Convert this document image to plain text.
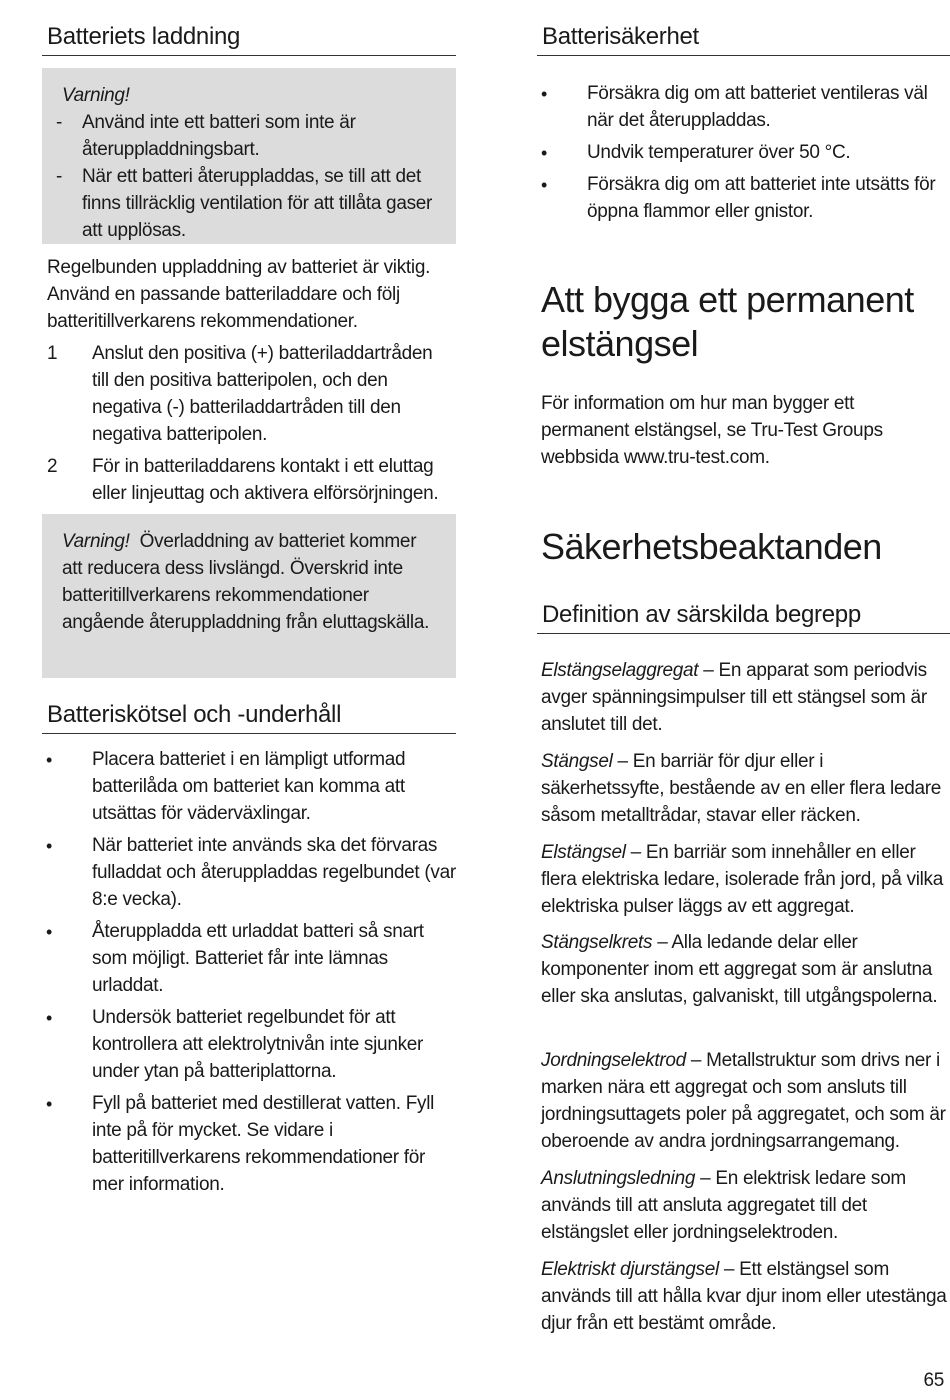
Batteriets laddning
Varning!
- Använd inte ett batteri som inte är återuppladdningsbart.
- När ett batteri återuppladdas, se till att det finns tillräcklig ventilation för att tillåta gaser att upplösas.
Regelbunden uppladdning av batteriet är viktig. Använd en passande batteriladdare och följ batteritillverkarens rekommendationer.
1 Anslut den positiva (+) batteriladdartråden till den positiva batteripolen, och den negativa (-) batteriladdartråden till den negativa batteripolen.
2 För in batteriladdarens kontakt i ett eluttag eller linjeuttag och aktivera elförsörjningen.
Varning! Överladdning av batteriet kommer att reducera dess livslängd. Överskrid inte batteritillverkarens rekommendationer angående återuppladdning från eluttagskälla.
Batteriskötsel och -underhåll
• Placera batteriet i en lämpligt utformad batterilåda om batteriet kan komma att utsättas för väderväxlingar.
• När batteriet inte används ska det förvaras fulladdat och återuppladdas regelbundet (var 8:e vecka).
• Återuppladda ett urladdat batteri så snart som möjligt. Batteriet får inte lämnas urladdat.
• Undersök batteriet regelbundet för att kontrollera att elektrolytnivån inte sjunker under ytan på batteriplattorna.
• Fyll på batteriet med destillerat vatten. Fyll inte på för mycket. Se vidare i batteritillverkarens rekommendationer för mer information.
Batterisäkerhet
• Försäkra dig om att batteriet ventileras väl när det återuppladdas.
• Undvik temperaturer över 50 °C.
• Försäkra dig om att batteriet inte utsätts för öppna flammor eller gnistor.
Att bygga ett permanent elstängsel
För information om hur man bygger ett permanent elstängsel, se Tru-Test Groups webbsida www.tru-test.com.
Säkerhetsbeaktanden
Definition av särskilda begrepp
Elstängselaggregat – En apparat som periodvis avger spänningsimpulser till ett stängsel som är anslutet till det.
Stängsel – En barriär för djur eller i säkerhetssyfte, bestående av en eller flera ledare såsom metalltrådar, stavar eller räcken.
Elstängsel – En barriär som innehåller en eller flera elektriska ledare, isolerade från jord, på vilka elektriska pulser läggs av ett aggregat.
Stängselkrets – Alla ledande delar eller komponenter inom ett aggregat som är anslutna eller ska anslutas, galvaniskt, till utgångspolerna.
Jordningselektrod – Metallstruktur som drivs ner i marken nära ett aggregat och som ansluts till jordningsuttagets poler på aggregatet, och som är oberoende av andra jordningsarrangemang.
Anslutningsledning – En elektrisk ledare som används till att ansluta aggregatet till det elstängslet eller jordningselektroden.
Elektriskt djurstängsel – Ett elstängsel som används till att hålla kvar djur inom eller utestänga djur från ett bestämt område.
65
